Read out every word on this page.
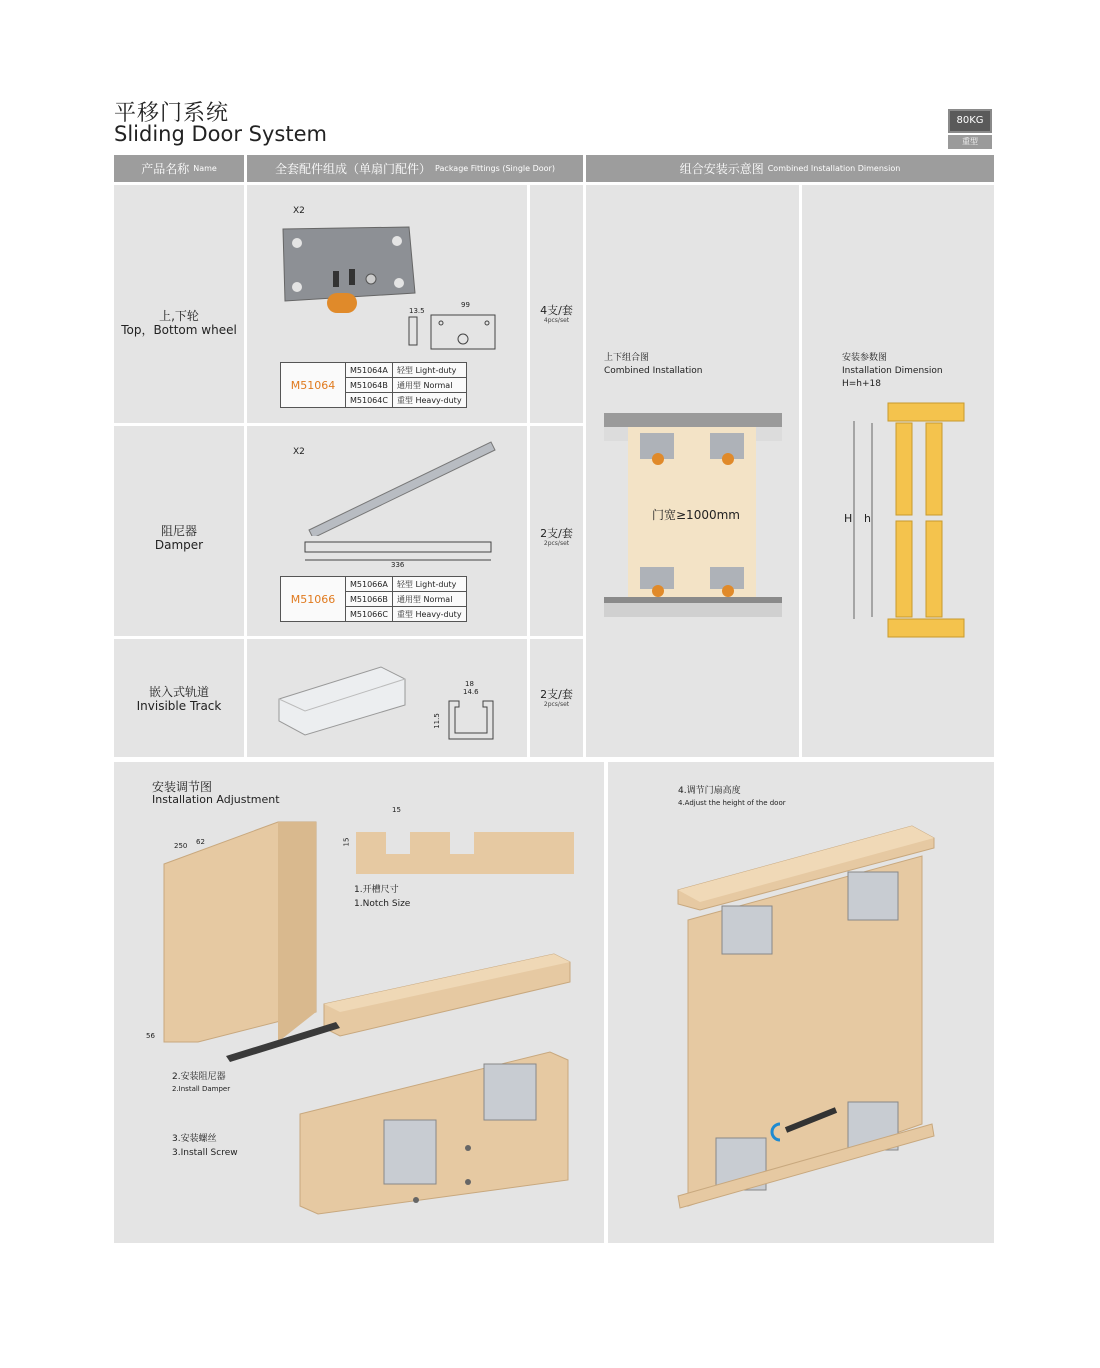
平移门系统
Sliding Door System
80KG
重型
产品名称 Name	全套配件组成（单扇门配件） Package Fittings (Single Door)	组合安装示意图 Combined Installation Dimension
上,下轮
Top，Bottom wheel
X2
13.5
99
M51064	M51064A	轻型 Light-duty
	M51064B	通用型 Normal
	M51064C	重型 Heavy-duty
4支/套
4pcs/set
阻尼器
Damper
X2
336
M51066	M51066A	轻型 Light-duty
	M51066B	通用型 Normal
	M51066C	重型 Heavy-duty
2支/套
2pcs/set
嵌入式轨道
Invisible Track
18
14.6
11.5
2支/套
2pcs/set
上下组合图
Combined Installation
门宽≥1000mm
安装参数图
Installation Dimension
H=h+18
H h
安装调节图
Installation Adjustment
250 62
56
15
15
1.开槽尺寸
1.Notch Size
2.安装阻尼器
2.Install Damper
3.安装螺丝
3.Install Screw
4.调节门扇高度
4.Adjust the height of the door
